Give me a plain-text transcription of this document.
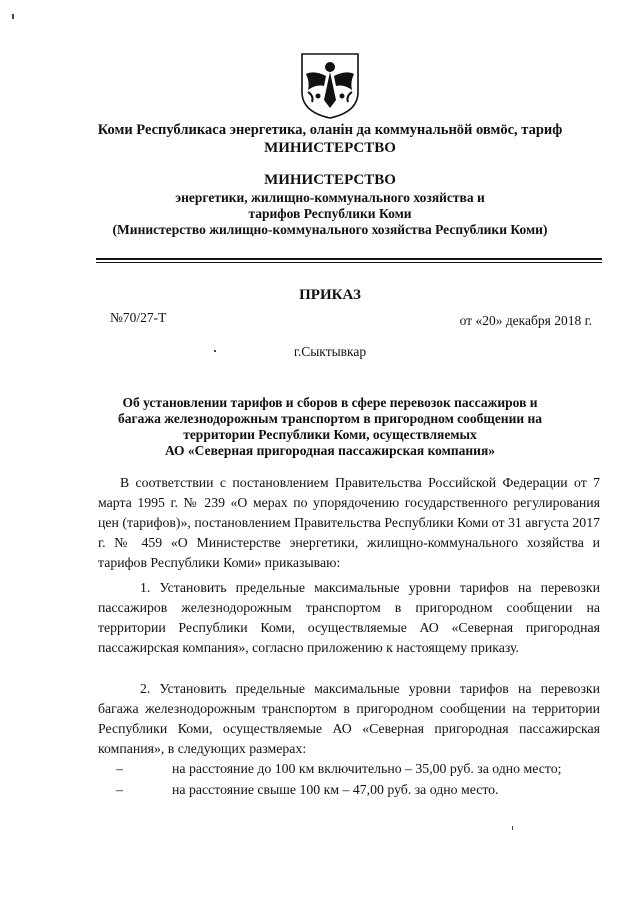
Коми Республикаса энергетика, оланiн да коммунальнӧй овмӧс, тариф
МИНИСТЕРСТВО
МИНИСТЕРСТВО
энергетики, жилищно-коммунального хозяйства и
тарифов Республики Коми
(Министерство жилищно-коммунального хозяйства Республики Коми)
ПРИКАЗ
№70/27-Т	от «20» декабря 2018 г.
г.Сыктывкар
Об установлении тарифов и сборов в сфере перевозок пассажиров и
багажа железнодорожным транспортом в пригородном сообщении на
территории Республики Коми, осуществляемых
АО «Северная пригородная пассажирская компания»
В соответствии с постановлением Правительства Российской Федерации от 7 марта 1995 г. № 239 «О мерах по упорядочению государственного регулирования цен (тарифов)», постановлением Правительства Республики Коми от 31 августа 2017 г. № 459 «О Министерстве энергетики, жилищно-коммунального хозяйства и тарифов Республики Коми» приказываю:
1. Установить предельные максимальные уровни тарифов на перевозки пассажиров железнодорожным транспортом в пригородном сообщении на территории Республики Коми, осуществляемые АО «Северная пригородная пассажирская компания», согласно приложению к настоящему приказу.
2. Установить предельные максимальные уровни тарифов на перевозки багажа железнодорожным транспортом в пригородном сообщении на территории Республики Коми, осуществляемые АО «Северная пригородная пассажирская компания», в следующих размерах:
–	на расстояние до 100 км включительно – 35,00 руб. за одно место;
–	на расстояние свыше 100 км – 47,00 руб. за одно место.
